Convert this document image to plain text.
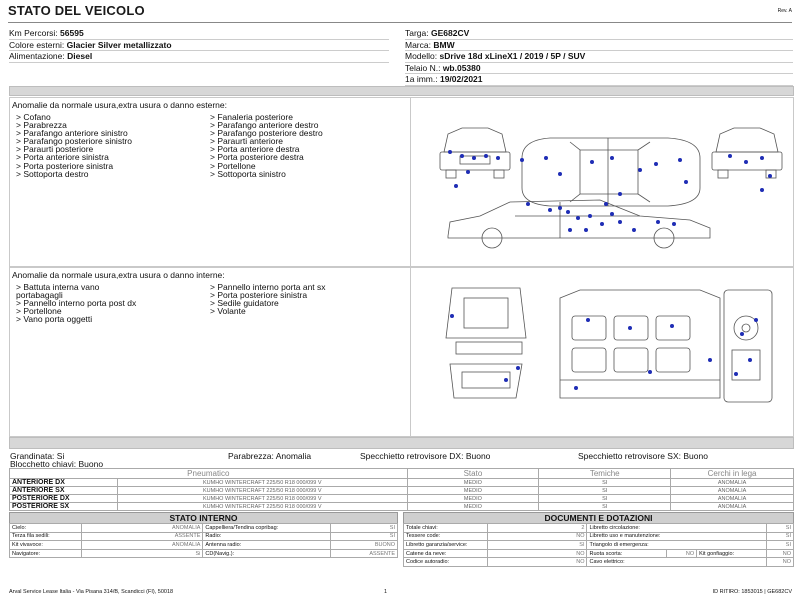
STATO DEL VEICOLO	Rev. A
Km Percorsi: 56595
Colore esterni: Glacier Silver metallizzato
Alimentazione: Diesel
Targa: GE682CV
Marca: BMW
Modello: sDrive 18d xLineX1 / 2019 / 5P / SUV
Telaio N.: wb.05380
1a imm.: 19/02/2021
Anomalie da normale usura,extra usura o danno esterne:
> Cofano
> Parabrezza
> Parafango anteriore sinistro
> Parafango posteriore sinistro
> Paraurti posteriore
> Porta anteriore sinistra
> Porta posteriore sinistra
> Sottoporta destro
> Fanaleria posteriore
> Parafango anteriore destro
> Parafango posteriore destro
> Paraurti anteriore
> Porta anteriore destra
> Porta posteriore destra
> Portellone
> Sottoporta sinistro
Anomalie da normale usura,extra usura o danno interne:
> Battuta interna vano
portabagagli
> Pannello interno porta post dx
> Portellone
> Vano porta oggetti
> Pannello interno porta ant sx
> Porta posteriore sinistra
> Sedile guidatore
> Volante
Grandinata: Si	Parabrezza: Anomalia	Specchietto retrovisore DX: Buono	Specchietto retrovisore SX: Buono
Blocchetto chiavi: Buono
Pneumatico		Stato	Temiche	Cerchi in lega
ANTERIORE DX	KUMHO WINTERCRAFT 225/50 R18 000/099 V	MEDIO	SI	ANOMALIA
ANTERIORE SX	KUMHO WINTERCRAFT 225/50 R18 000/099 V	MEDIO	SI	ANOMALIA
POSTERIORE DX	KUMHO WINTERCRAFT 225/50 R18 000/099 V	MEDIO	SI	ANOMALIA
POSTERIORE SX	KUMHO WINTERCRAFT 225/50 R18 000/099 V	MEDIO	SI	ANOMALIA
STATO INTERNO
Cielo:	ANOMALIA	Cappelliera/Tendina copribag:	SI
Terza fila sedili:	ASSENTE	Radio:	SI
Kit vivavoce:	ANOMALIA	Antenna radio:	BUONO
Navigatore:	Si	CD(Navig.):	ASSENTE
DOCUMENTI E DOTAZIONI
Totale chiavi:	2	Libretto circolazione:			SI
Tessere code:	NO	Libretto uso e manutenzione:			SI
Libretto garanzia/service:	SI	Triangolo di emergenza:			SI
Catene da neve:	NO	Ruota scorta:	NO	Kit gonfiaggio:	NO
Codice autoradio:	NO	Cavo elettrico:			NO
Arval Service Lease Italia - Via Pisana 314/B, Scandicci (FI), 50018	1	ID RITIRO: 1853015 | GE682CV
